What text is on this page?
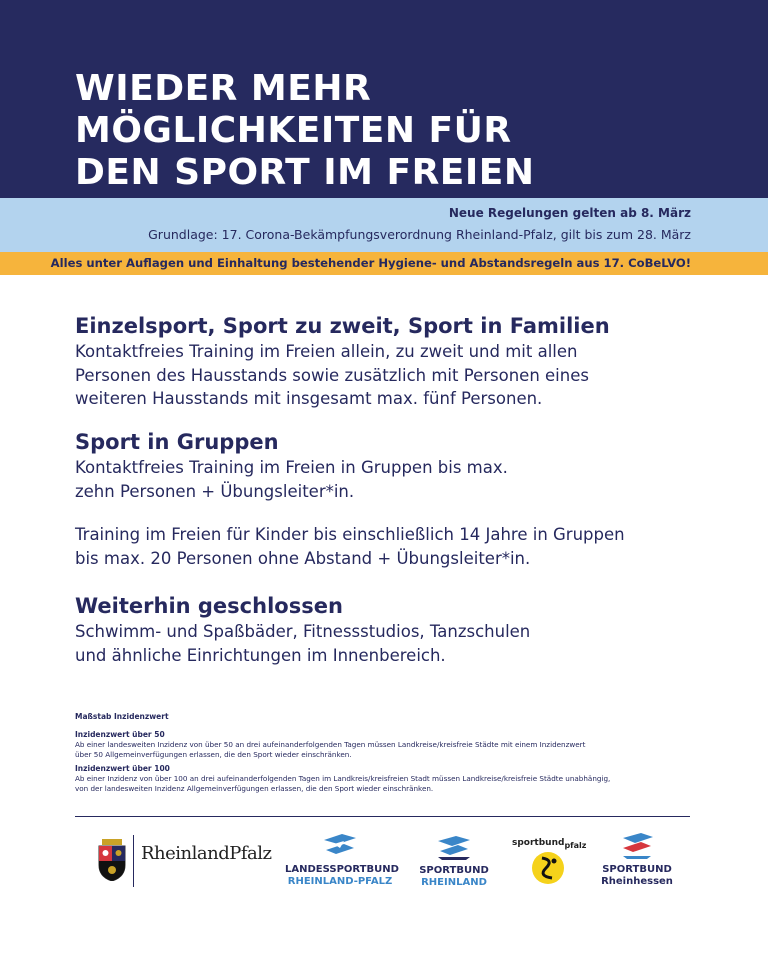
WIEDER MEHR
MÖGLICHKEITEN FÜR
DEN SPORT IM FREIEN
Neue Regelungen gelten ab 8. März
Grundlage: 17. Corona-Bekämpfungsverordnung Rheinland-Pfalz, gilt bis zum 28. März
Alles unter Auflagen und Einhaltung bestehender Hygiene- und Abstandsregeln aus 17. CoBeLVO!
Einzelsport, Sport zu zweit, Sport in Familien

Kontaktfreies Training im Freien allein, zu zweit und mit allen

Personen des Hausstands sowie zusätzlich mit Personen eines

weiteren Hausstands mit insgesamt max. fünf Personen.

Sport in Gruppen

Kontaktfreies Training im Freien in Gruppen bis max.

zehn Personen + Übungsleiter*in.

Training im Freien für Kinder bis einschließlich 14 Jahre in Gruppen

bis max. 20 Personen ohne Abstand + Übungsleiter*in.

Weiterhin geschlossen

Schwimm- und Spaßbäder, Fitnessstudios, Tanzschulen

und ähnliche Einrichtungen im Innenbereich.

Maßstab Inzidenzwert
Inzidenzwert über 50
Ab einer landesweiten Inzidenz von über 50 an drei aufeinanderfolgenden Tagen müssen Landkreise/kreisfreie Städte mit einem Inzidenzwert
über 50 Allgemeinverfügungen erlassen, die den Sport wieder einschränken.
Inzidenzwert über 100
Ab einer Inzidenz von über 100 an drei aufeinanderfolgenden Tagen im Landkreis/kreisfreien Stadt müssen Landkreise/kreisfreie Städte unabhängig,
von der landesweiten Inzidenz Allgemeinverfügungen erlassen, die den Sport wieder einschränken.
RheinlandPfalz
LANDESSPORTBUND
RHEINLAND-PFALZ
SPORTBUND
RHEINLAND
sportbund$_{pfalz}$
SPORTBUND
Rheinhessen
